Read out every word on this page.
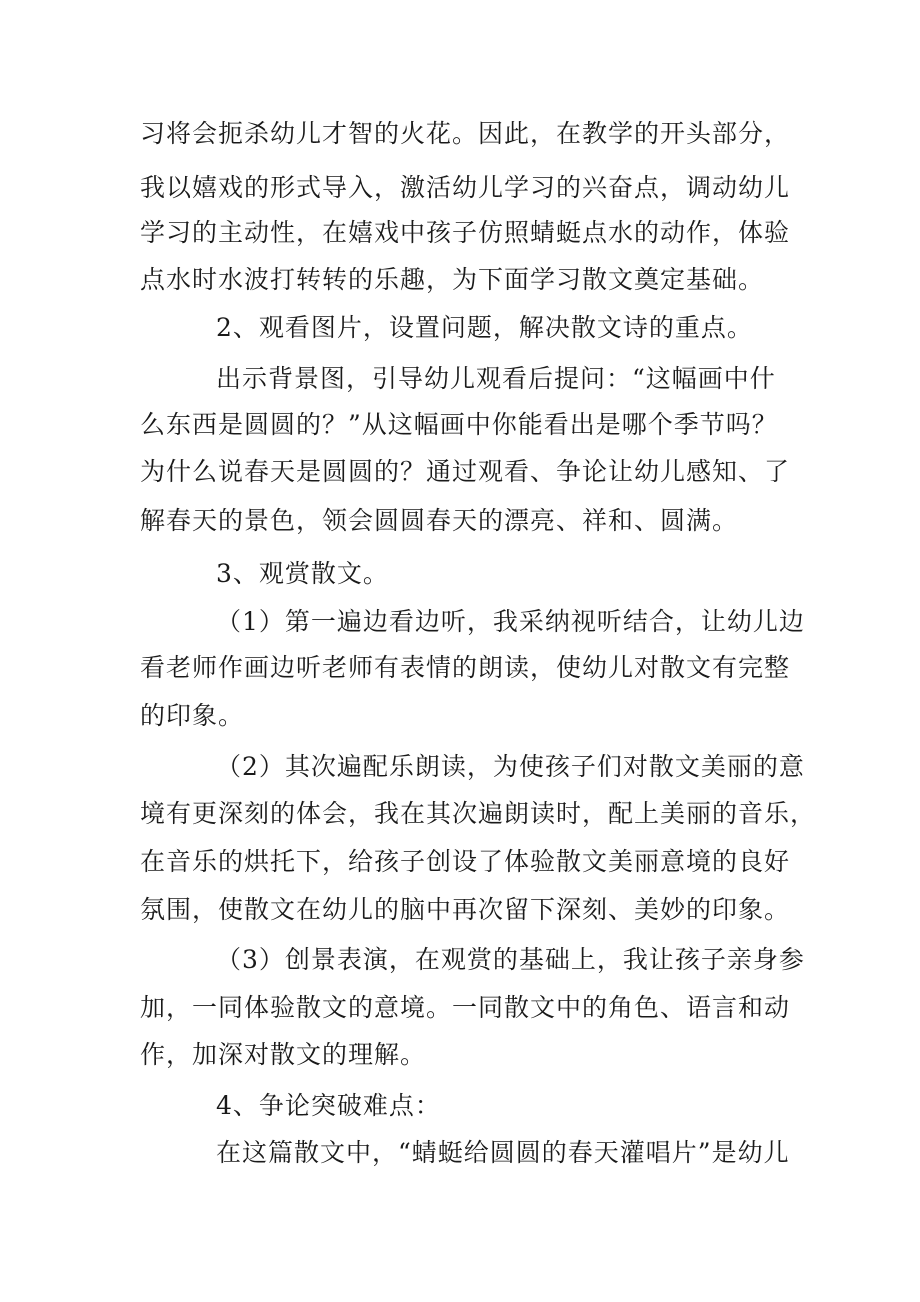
习将会扼杀幼儿才智的火花。因此，在教学的开头部分，
我以嬉戏的形式导入，激活幼儿学习的兴奋点，调动幼儿
学习的主动性，在嬉戏中孩子仿照蜻蜓点水的动作，体验
点水时水波打转转的乐趣，为下面学习散文奠定基础。
2、观看图片，设置问题，解决散文诗的重点。
出示背景图，引导幼儿观看后提问：“这幅画中什
么东西是圆圆的？”从这幅画中你能看出是哪个季节吗？
为什么说春天是圆圆的？通过观看、争论让幼儿感知、了
解春天的景色，领会圆圆春天的漂亮、祥和、圆满。
3、观赏散文。
（1）第一遍边看边听，我采纳视听结合，让幼儿边
看老师作画边听老师有表情的朗读，使幼儿对散文有完整
的印象。
（2）其次遍配乐朗读，为使孩子们对散文美丽的意
境有更深刻的体会，我在其次遍朗读时，配上美丽的音乐，
在音乐的烘托下，给孩子创设了体验散文美丽意境的良好
氛围，使散文在幼儿的脑中再次留下深刻、美妙的印象。
（3）创景表演，在观赏的基础上，我让孩子亲身参
加，一同体验散文的意境。一同散文中的角色、语言和动
作，加深对散文的理解。
4、争论突破难点：
在这篇散文中，“蜻蜓给圆圆的春天灌唱片”是幼儿
